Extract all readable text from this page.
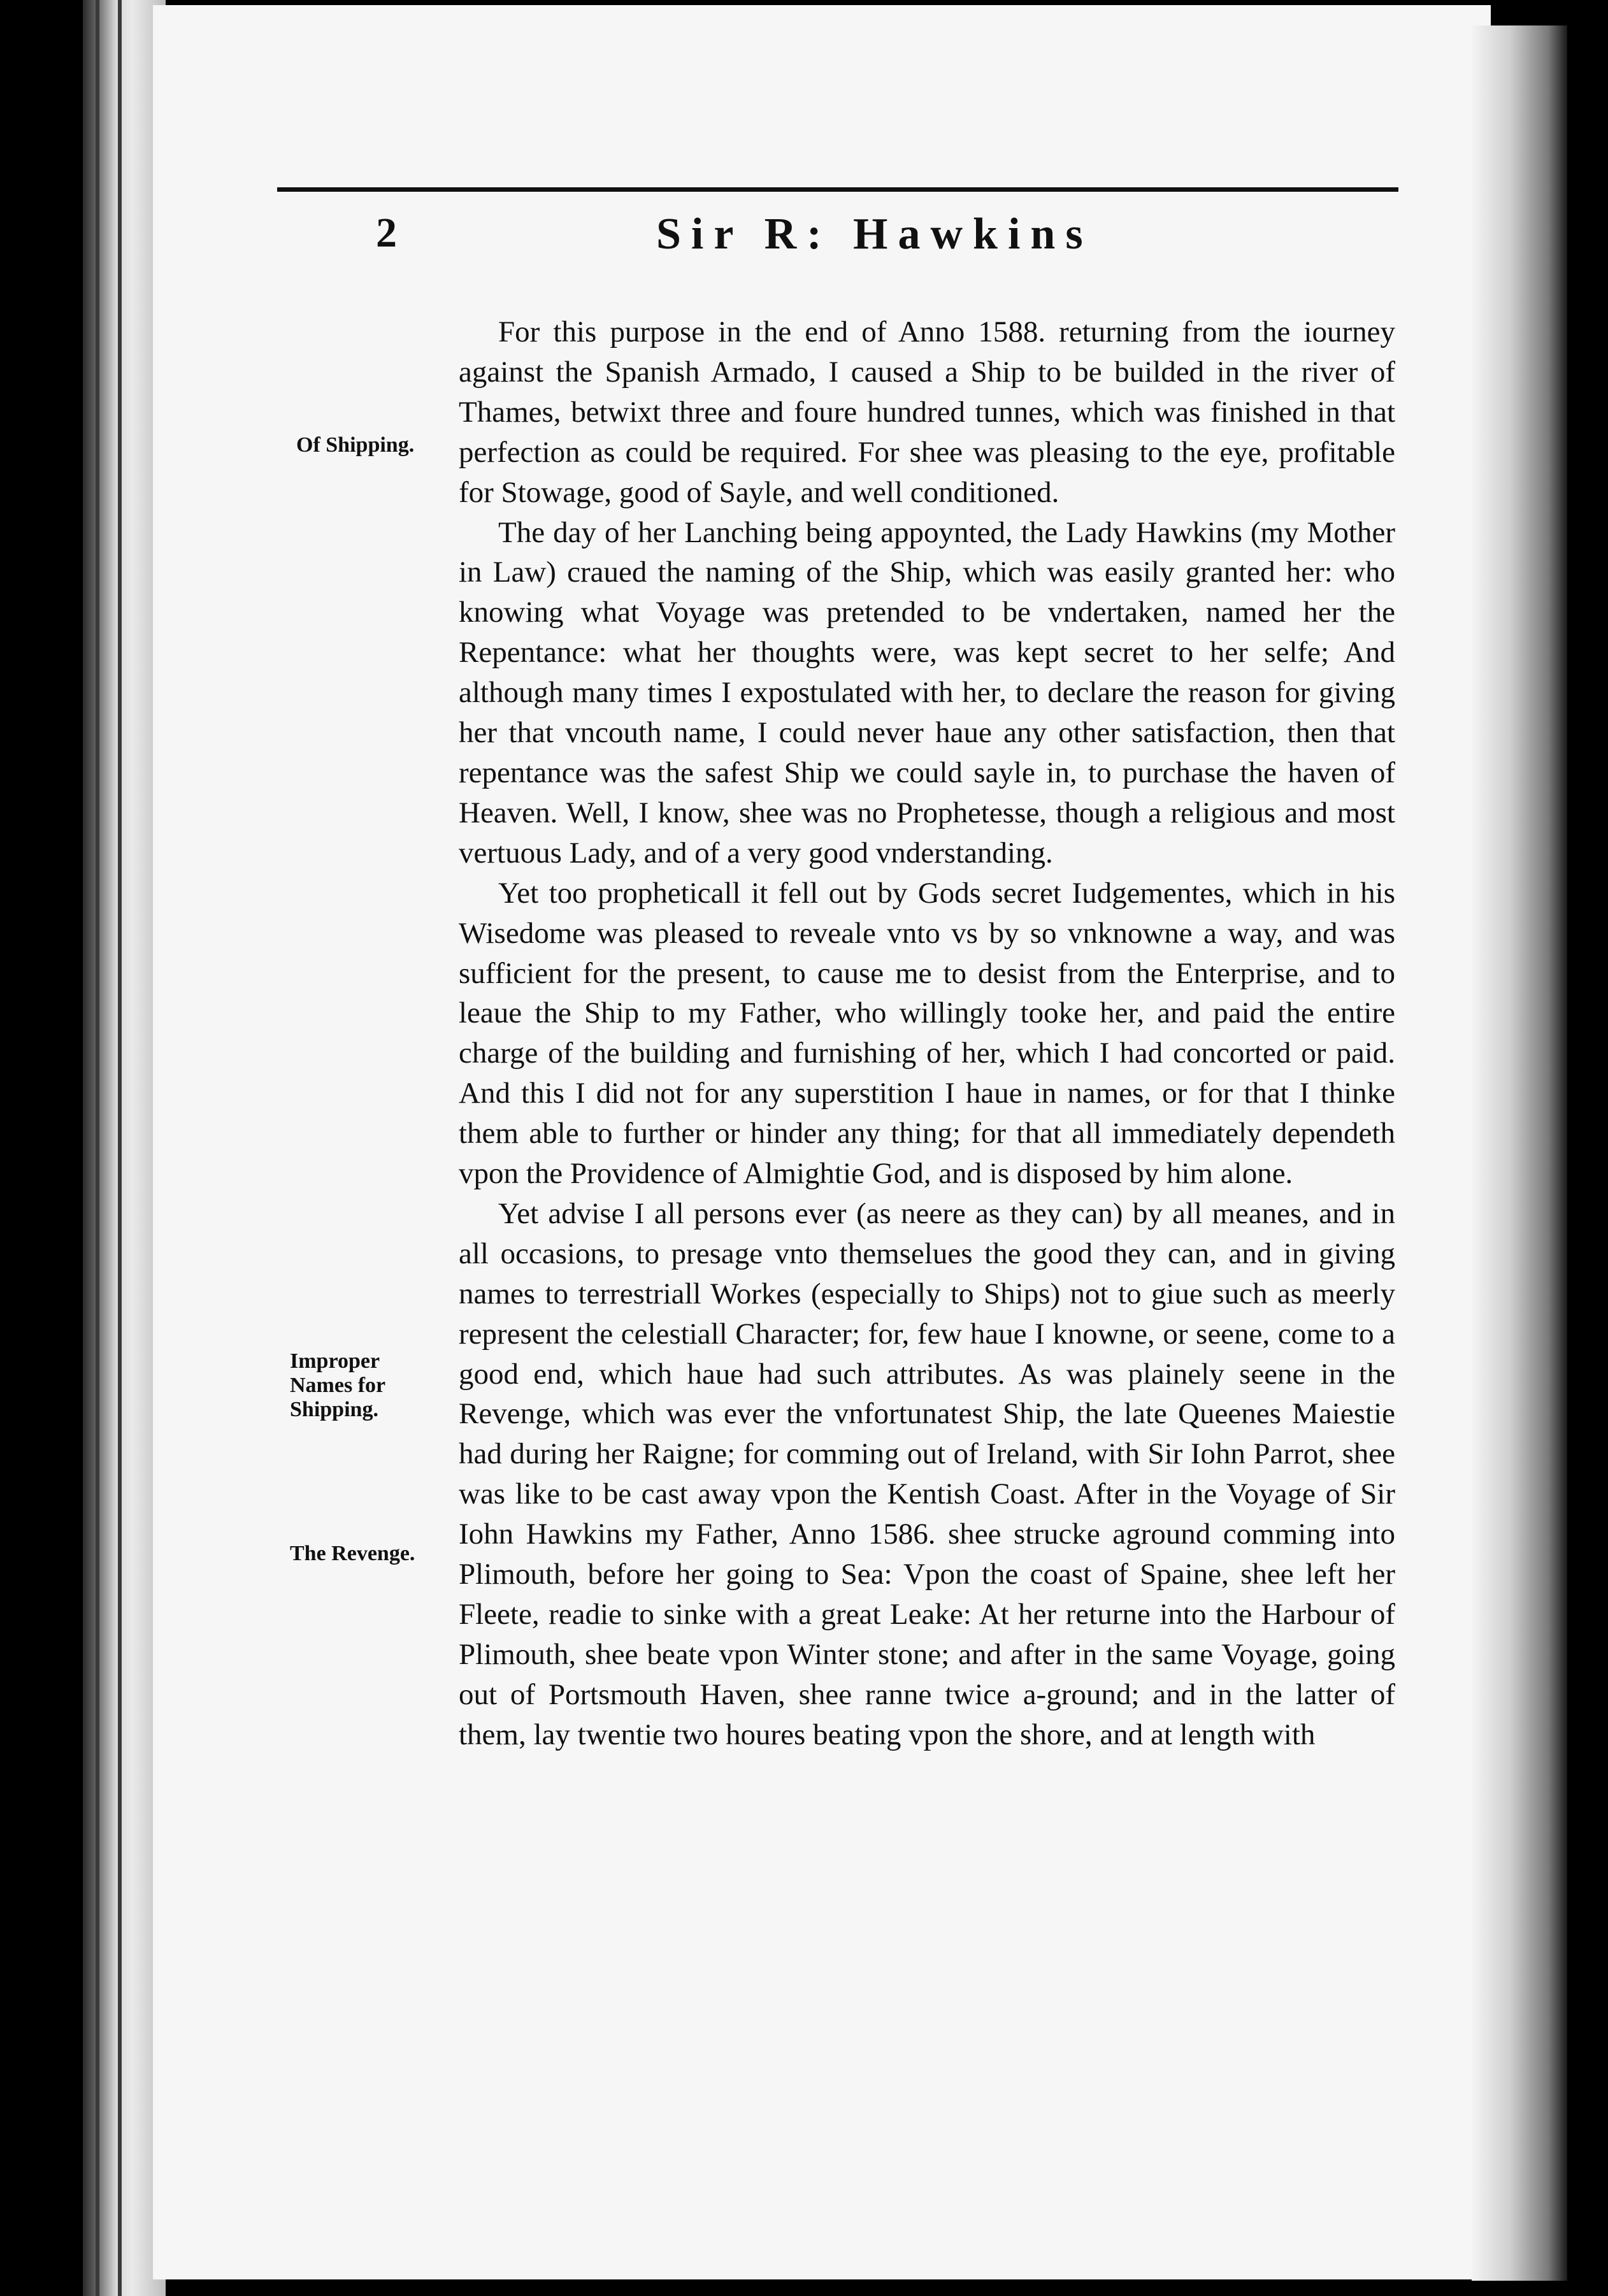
2	Sir R: Hawkins
Of Shipping.
Improper
Names for
Shipping.
The Revenge.

For this purpose in the end of Anno 1588. returning from the iourney against the Spanish Armado, I caused a Ship to be builded in the river of Thames, betwixt three and foure hundred tunnes, which was finished in that perfection as could be required. For shee was pleasing to the eye, profitable for Stowage, good of Sayle, and well conditioned.

The day of her Lanching being appoynted, the Lady Hawkins (my Mother in Law) craued the naming of the Ship, which was easily granted her: who knowing what Voyage was pretended to be vndertaken, named her the Repentance: what her thoughts were, was kept secret to her selfe; And although many times I expostulated with her, to declare the reason for giving her that vncouth name, I could never haue any other satisfaction, then that repentance was the safest Ship we could sayle in, to purchase the haven of Heaven. Well, I know, shee was no Prophetesse, though a religious and most vertuous Lady, and of a very good vnderstanding.

Yet too propheticall it fell out by Gods secret Iudgementes, which in his Wisedome was pleased to reveale vnto vs by so vnknowne a way, and was sufficient for the present, to cause me to desist from the Enterprise, and to leaue the Ship to my Father, who willingly tooke her, and paid the entire charge of the building and furnishing of her, which I had concorted or paid. And this I did not for any superstition I haue in names, or for that I thinke them able to further or hinder any thing; for that all immediately dependeth vpon the Providence of Almightie God, and is disposed by him alone.

Yet advise I all persons ever (as neere as they can) by all meanes, and in all occasions, to presage vnto themselues the good they can, and in giving names to terrestriall Workes (especially to Ships) not to giue such as meerly represent the celestiall Character; for, few haue I knowne, or seene, come to a good end, which haue had such attributes. As was plainely seene in the Revenge, which was ever the vnfortunatest Ship, the late Queenes Maiestie had during her Raigne; for comming out of Ireland, with Sir Iohn Parrot, shee was like to be cast away vpon the Kentish Coast. After in the Voyage of Sir Iohn Hawkins my Father, Anno 1586. shee strucke aground comming into Plimouth, before her going to Sea: Vpon the coast of Spaine, shee left her Fleete, readie to sinke with a great Leake: At her returne into the Harbour of Plimouth, shee beate vpon Winter stone; and after in the same Voyage, going out of Portsmouth Haven, shee ranne twice a-ground; and in the latter of them, lay twentie two houres beating vpon the shore, and at length with
